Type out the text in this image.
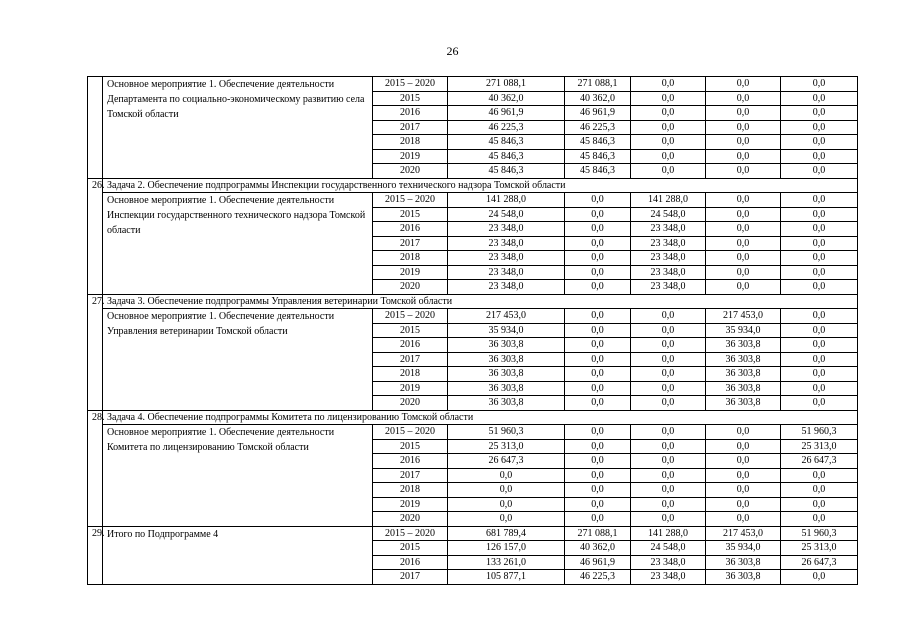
26
	Основное мероприятие 1. Обеспечение деятельности Департамента по социально-экономическому развитию села Томской области	2015 – 2020	271 088,1	271 088,1	0,0	0,0	0,0
		2015	40 362,0	40 362,0	0,0	0,0	0,0
		2016	46 961,9	46 961,9	0,0	0,0	0,0
		2017	46 225,3	46 225,3	0,0	0,0	0,0
		2018	45 846,3	45 846,3	0,0	0,0	0,0
		2019	45 846,3	45 846,3	0,0	0,0	0,0
		2020	45 846,3	45 846,3	0,0	0,0	0,0
26.	Задача 2. Обеспечение подпрограммы Инспекции государственного технического надзора Томской области						
	Основное мероприятие 1. Обеспечение деятельности Инспекции государственного технического надзора Томской области	2015 – 2020	141 288,0	0,0	141 288,0	0,0	0,0
		2015	24 548,0	0,0	24 548,0	0,0	0,0
		2016	23 348,0	0,0	23 348,0	0,0	0,0
		2017	23 348,0	0,0	23 348,0	0,0	0,0
		2018	23 348,0	0,0	23 348,0	0,0	0,0
		2019	23 348,0	0,0	23 348,0	0,0	0,0
		2020	23 348,0	0,0	23 348,0	0,0	0,0
27.	Задача 3. Обеспечение подпрограммы Управления ветеринарии Томской области						
	Основное мероприятие 1. Обеспечение деятельности Управления ветеринарии Томской области	2015 – 2020	217 453,0	0,0	0,0	217 453,0	0,0
		2015	35 934,0	0,0	0,0	35 934,0	0,0
		2016	36 303,8	0,0	0,0	36 303,8	0,0
		2017	36 303,8	0,0	0,0	36 303,8	0,0
		2018	36 303,8	0,0	0,0	36 303,8	0,0
		2019	36 303,8	0,0	0,0	36 303,8	0,0
		2020	36 303,8	0,0	0,0	36 303,8	0,0
28.	Задача 4. Обеспечение подпрограммы Комитета по лицензированию Томской области						
	Основное мероприятие 1. Обеспечение деятельности Комитета по лицензированию Томской области	2015 – 2020	51 960,3	0,0	0,0	0,0	51 960,3
		2015	25 313,0	0,0	0,0	0,0	25 313,0
		2016	26 647,3	0,0	0,0	0,0	26 647,3
		2017	0,0	0,0	0,0	0,0	0,0
		2018	0,0	0,0	0,0	0,0	0,0
		2019	0,0	0,0	0,0	0,0	0,0
		2020	0,0	0,0	0,0	0,0	0,0
29.	Итого по Подпрограмме 4	2015 – 2020	681 789,4	271 088,1	141 288,0	217 453,0	51 960,3
		2015	126 157,0	40 362,0	24 548,0	35 934,0	25 313,0
		2016	133 261,0	46 961,9	23 348,0	36 303,8	26 647,3
		2017	105 877,1	46 225,3	23 348,0	36 303,8	0,0
